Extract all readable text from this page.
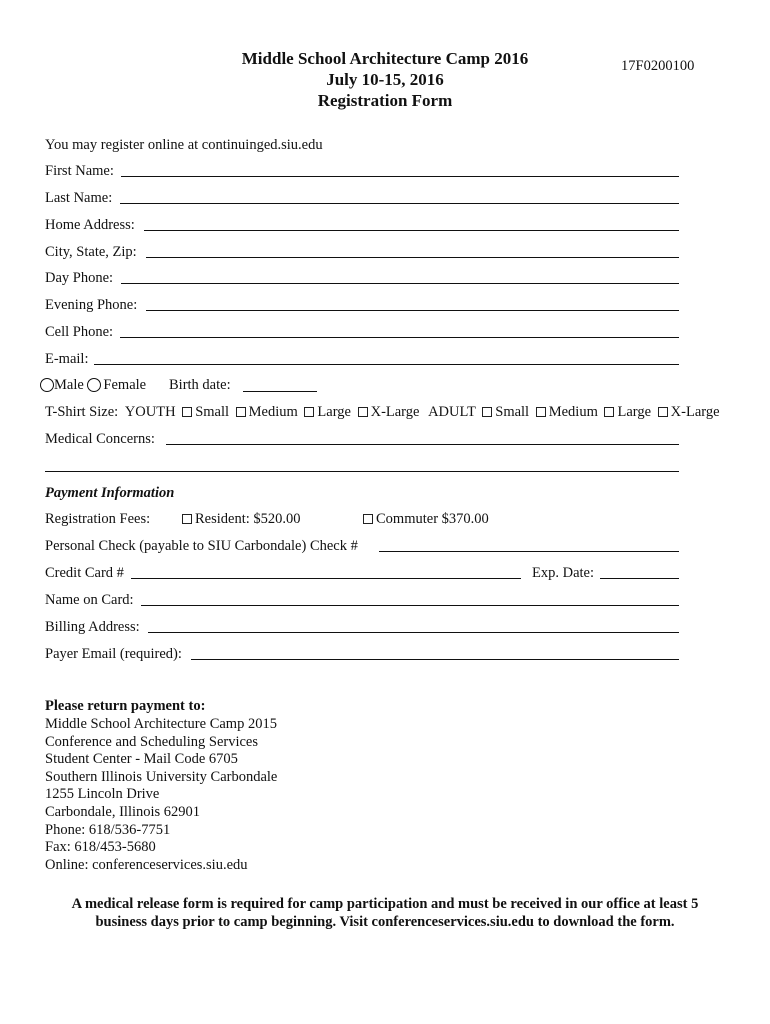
Middle School Architecture Camp 2016
July 10-15, 2016
Registration Form
17F0200100
You may register online at continuinged.siu.edu
First Name:
Last Name:
Home Address:
City, State, Zip:
Day Phone:
Evening Phone:
Cell Phone:
E-mail:
Male Female Birth date:
T-Shirt Size: YOUTH Small Medium Large X-Large ADULT Small Medium Large X-Large
Medical Concerns:
Payment Information
Registration Fees:	Resident: $520.00	Commuter $370.00
Personal Check (payable to SIU Carbondale) Check #
Credit Card #	Exp. Date:
Name on Card:
Billing Address:
Payer Email (required):
Please return payment to:
Middle School Architecture Camp 2015
Conference and Scheduling Services
Student Center - Mail Code 6705
Southern Illinois University Carbondale
1255 Lincoln Drive
Carbondale, Illinois 62901
Phone: 618/536-7751
Fax: 618/453-5680
Online: conferenceservices.siu.edu
A medical release form is required for camp participation and must be received in our office at least 5
business days prior to camp beginning. Visit conferenceservices.siu.edu to download the form.
